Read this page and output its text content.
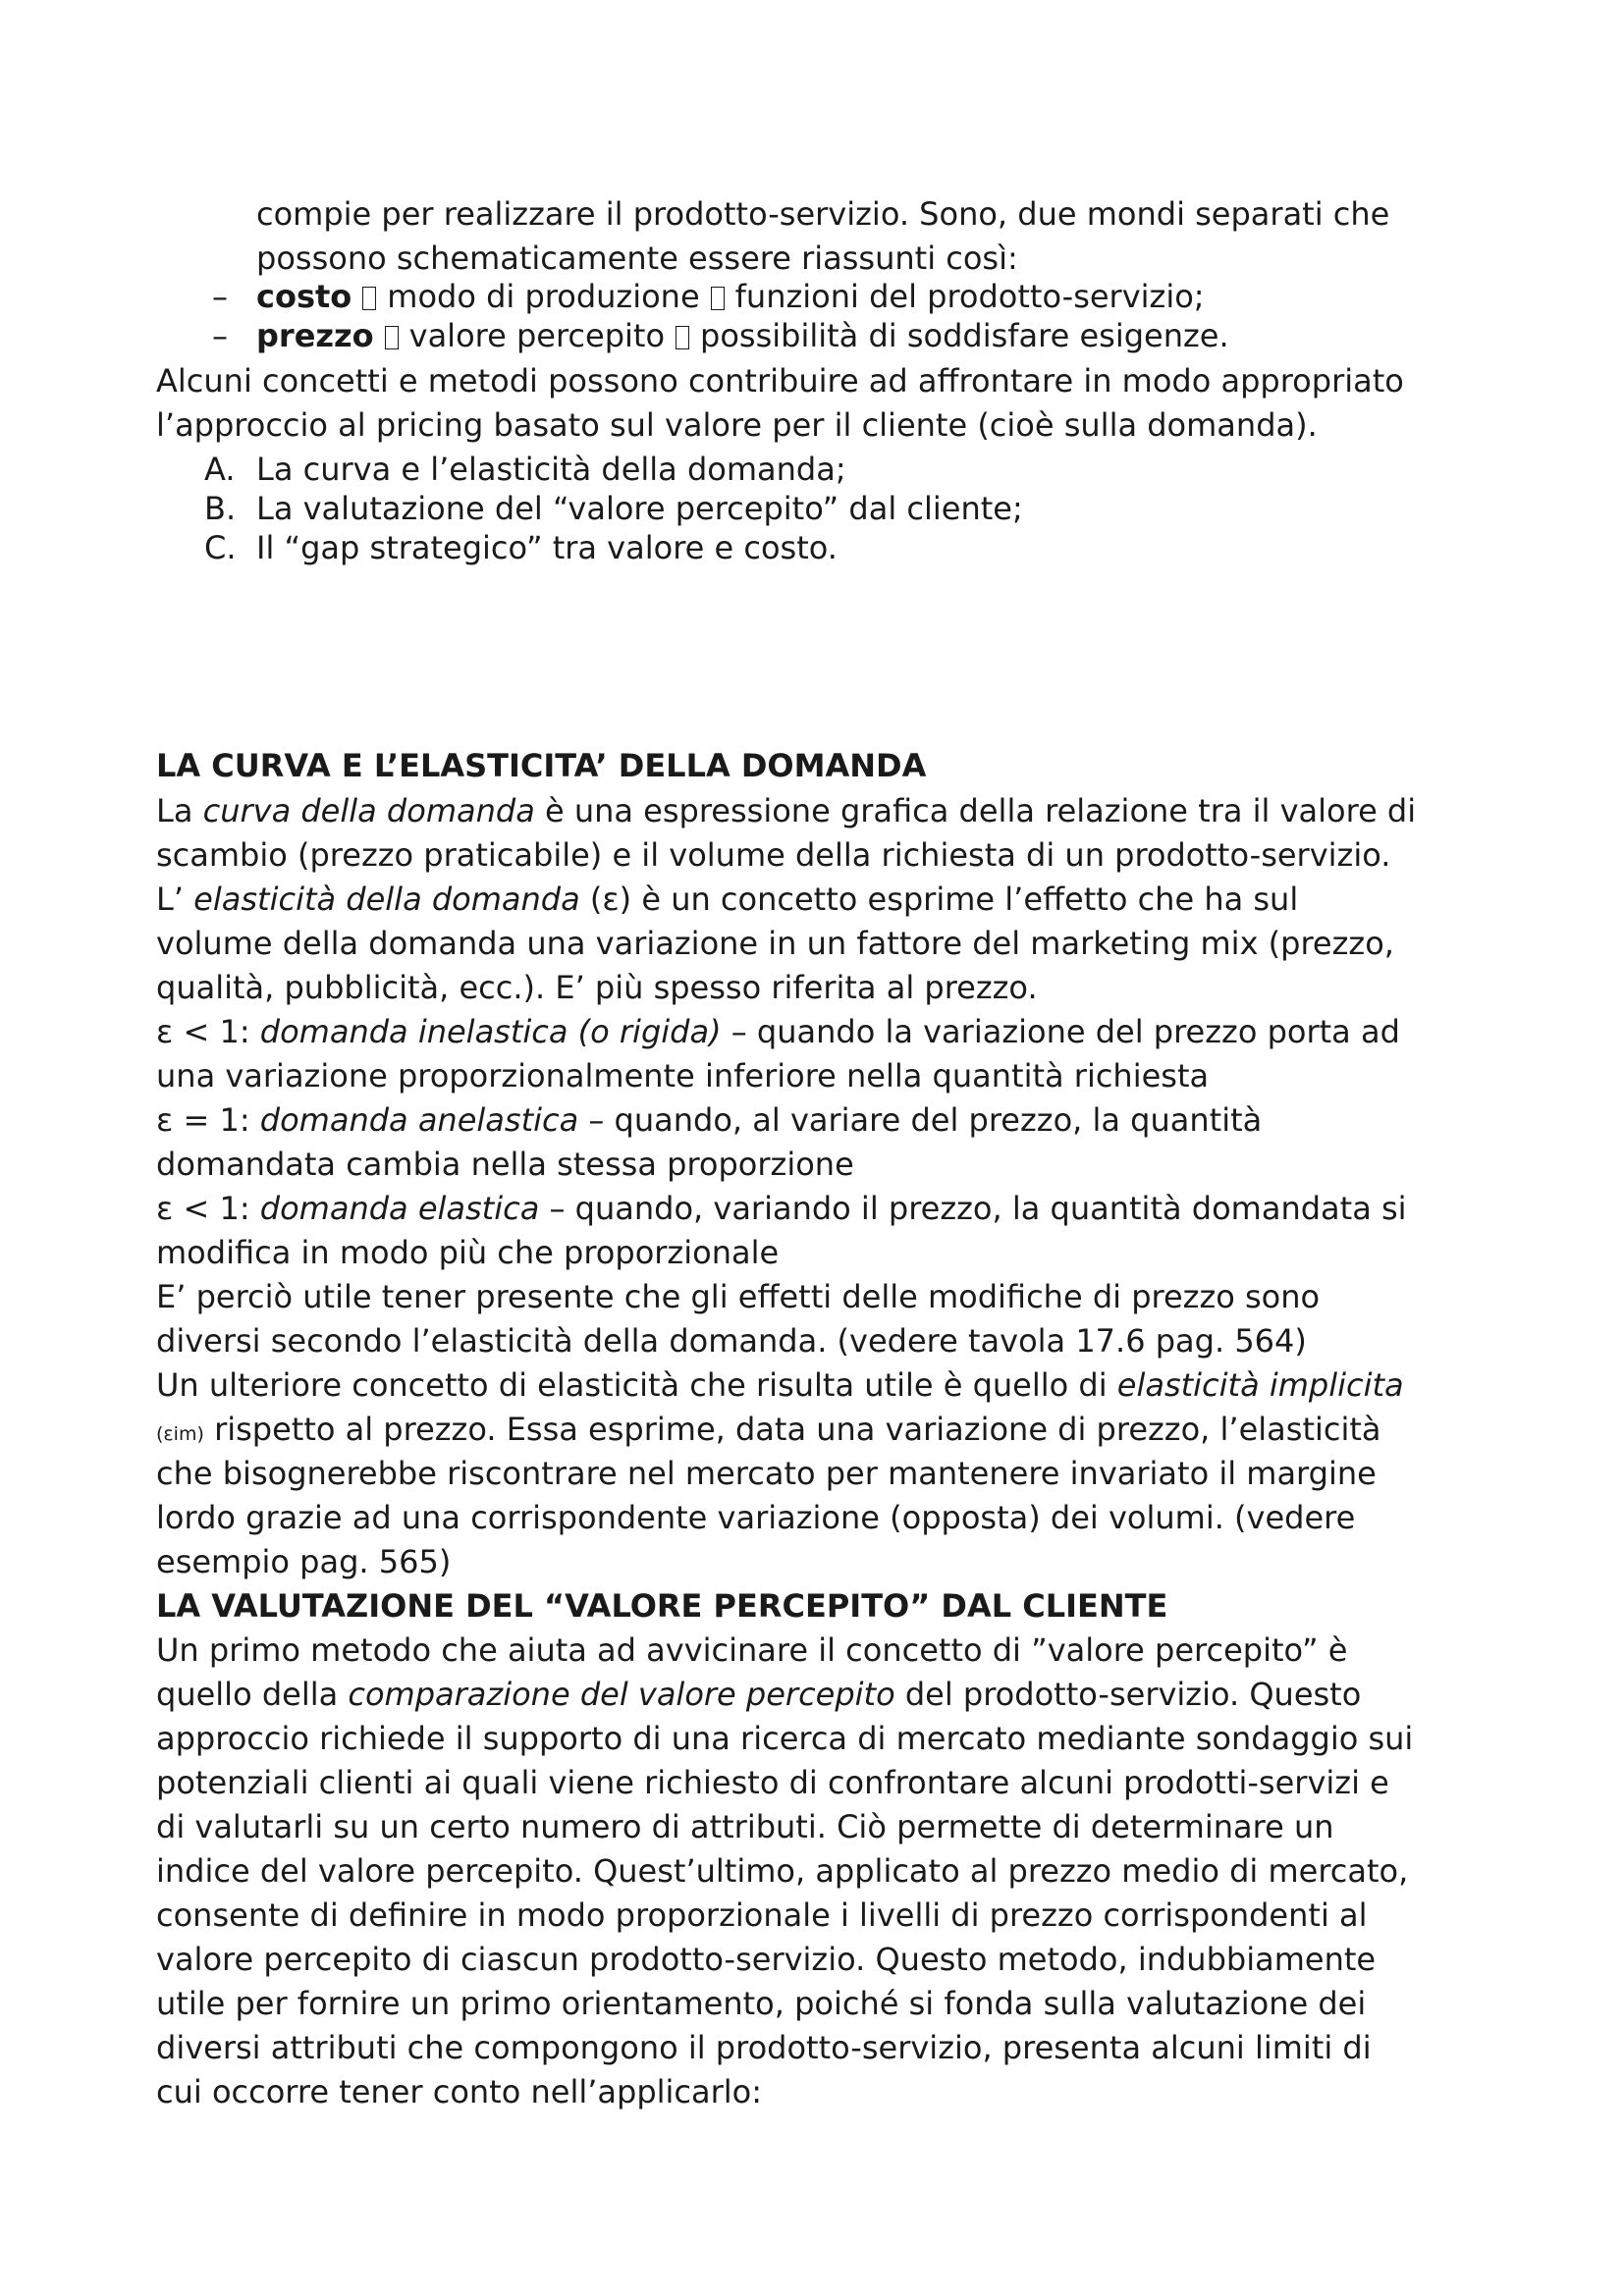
compie per realizzare il prodotto-servizio. Sono, due mondi separati che
possono schematicamente essere riassunti così:
– costo modo di produzione funzioni del prodotto-servizio;
– prezzo valore percepito possibilità di soddisfare esigenze.
Alcuni concetti e metodi possono contribuire ad affrontare in modo appropriato
l’approccio al pricing basato sul valore per il cliente (cioè sulla domanda).
A. La curva e l’elasticità della domanda;
B. La valutazione del “valore percepito” dal cliente;
C. Il “gap strategico” tra valore e costo.
LA CURVA E L’ELASTICITA’ DELLA DOMANDA
La curva della domanda è una espressione grafica della relazione tra il valore di
scambio (prezzo praticabile) e il volume della richiesta di un prodotto-servizio.
L’ elasticità della domanda (ε) è un concetto esprime l’effetto che ha sul
volume della domanda una variazione in un fattore del marketing mix (prezzo,
qualità, pubblicità, ecc.). E’ più spesso riferita al prezzo.
ε < 1: domanda inelastica (o rigida) – quando la variazione del prezzo porta ad
una variazione proporzionalmente inferiore nella quantità richiesta
ε = 1: domanda anelastica – quando, al variare del prezzo, la quantità
domandata cambia nella stessa proporzione
ε < 1: domanda elastica – quando, variando il prezzo, la quantità domandata si
modifica in modo più che proporzionale
E’ perciò utile tener presente che gli effetti delle modifiche di prezzo sono
diversi secondo l’elasticità della domanda. (vedere tavola 17.6 pag. 564)
Un ulteriore concetto di elasticità che risulta utile è quello di elasticità implicita
(εim) rispetto al prezzo. Essa esprime, data una variazione di prezzo, l’elasticità
che bisognerebbe riscontrare nel mercato per mantenere invariato il margine
lordo grazie ad una corrispondente variazione (opposta) dei volumi. (vedere
esempio pag. 565)
LA VALUTAZIONE DEL “VALORE PERCEPITO” DAL CLIENTE
Un primo metodo che aiuta ad avvicinare il concetto di ”valore percepito” è
quello della comparazione del valore percepito del prodotto-servizio. Questo
approccio richiede il supporto di una ricerca di mercato mediante sondaggio sui
potenziali clienti ai quali viene richiesto di confrontare alcuni prodotti-servizi e
di valutarli su un certo numero di attributi. Ciò permette di determinare un
indice del valore percepito. Quest’ultimo, applicato al prezzo medio di mercato,
consente di definire in modo proporzionale i livelli di prezzo corrispondenti al
valore percepito di ciascun prodotto-servizio. Questo metodo, indubbiamente
utile per fornire un primo orientamento, poiché si fonda sulla valutazione dei
diversi attributi che compongono il prodotto-servizio, presenta alcuni limiti di
cui occorre tener conto nell’applicarlo:
